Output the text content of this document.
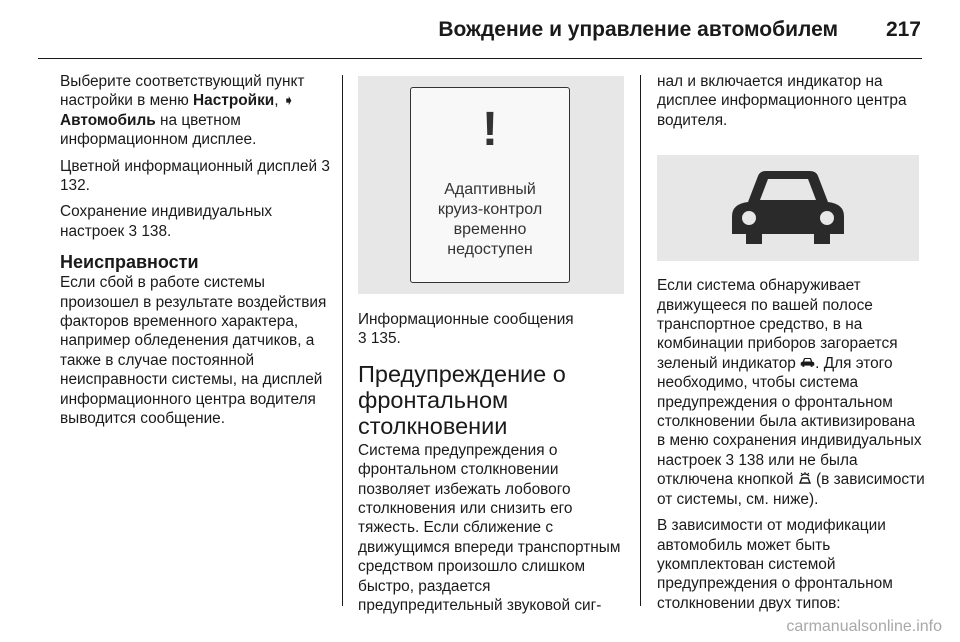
Вождение и управление автомобилем 217

Выберите соответствующий пункт настройки в меню Настройки, ➧ Автомобиль на цветном информационном дисплее.

Цветной информационный дисплей 3 132.

Сохранение индивидуальных настроек 3 138.

Неисправности

Если сбой в работе системы произошел в результате воздействия факторов временного характера, например обледенения датчиков, а также в случае постоянной неисправности системы, на дисплей информационного центра водителя выводится сообщение.

!
Адаптивный
круиз-контрол
временно
недоступен

Информационные сообщения
3 135.

Предупреждение о фронтальном столкновении

Система предупреждения о фронтальном столкновении позволяет избежать лобового столкновения или снизить его тяжесть. Если сближение с движущимся впереди транспортным средством произошло слишком быстро, раздается предупредительный звуковой сиг-

нал и включается индикатор на дисплее информационного центра водителя.

Если система обнаруживает движущееся по вашей полосе транспортное средство, в на комбинации приборов загорается зеленый индикатор . Для этого необходимо, чтобы система предупреждения о фронтальном столкновении была активизирована в меню сохранения индивидуальных настроек 3 138 или не была отключена кнопкой  (в зависимости от системы, см. ниже).

В зависимости от модификации автомобиль может быть укомплектован системой предупреждения о фронтальном столкновении двух типов:

carmanualsonline.info
